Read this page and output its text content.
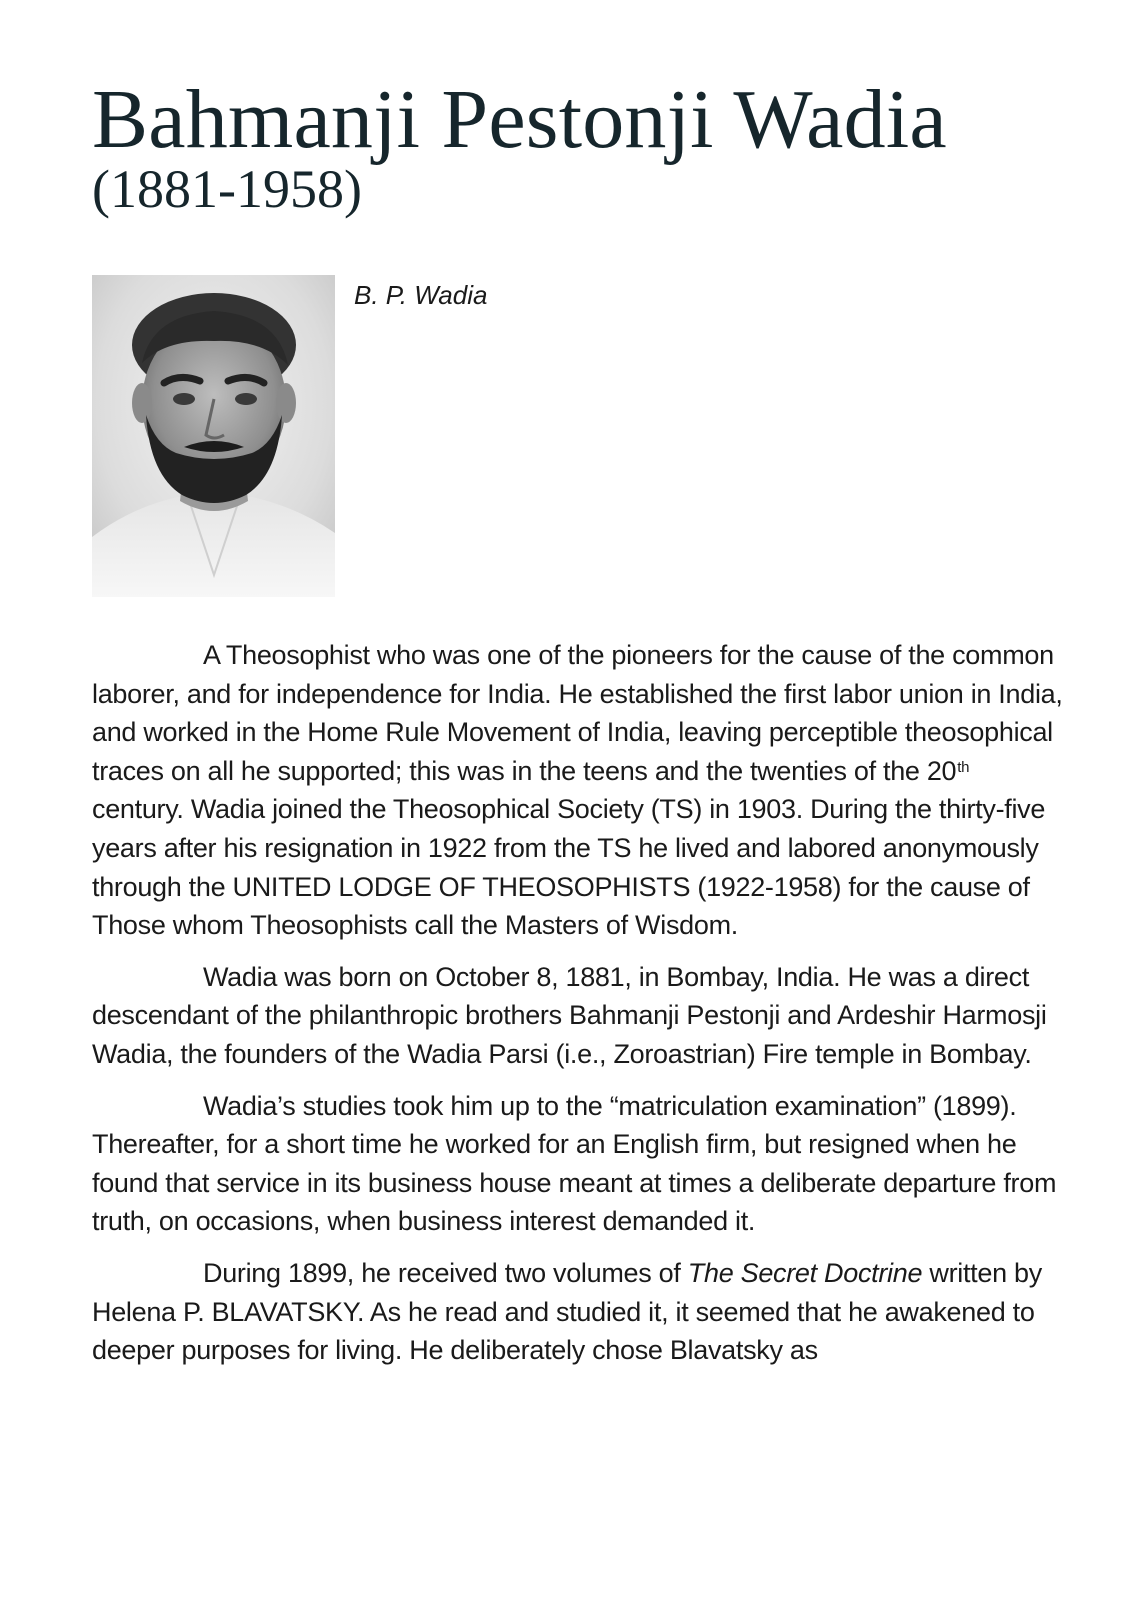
Bahmanji Pestonji Wadia
(1881-1958)
B. P. Wadia

A Theosophist who was one of the pioneers for the cause of the common laborer, and for independence for India. He established the first labor union in India, and worked in the Home Rule Movement of India, leaving perceptible theosophical traces on all he supported; this was in the teens and the twenties of the 20th century. Wadia joined the Theosophical Society (TS) in 1903. During the thirty-five years after his resignation in 1922 from the TS he lived and labored anonymously through the UNITED LODGE OF THEOSOPHISTS (1922-1958) for the cause of Those whom Theosophists call the Masters of Wisdom.

Wadia was born on October 8, 1881, in Bombay, India. He was a direct descendant of the philanthropic brothers Bahmanji Pestonji and Ardeshir Harmosji Wadia, the founders of the Wadia Parsi (i.e., Zoroastrian) Fire temple in Bombay.

Wadia’s studies took him up to the “matriculation examination” (1899). Thereafter, for a short time he worked for an English firm, but resigned when he found that service in its business house meant at times a deliberate departure from truth, on occasions, when business interest demanded it.

During 1899, he received two volumes of The Secret Doctrine written by Helena P. BLAVATSKY. As he read and studied it, it seemed that he awakened to deeper purposes for living. He deliberately chose Blavatsky as
